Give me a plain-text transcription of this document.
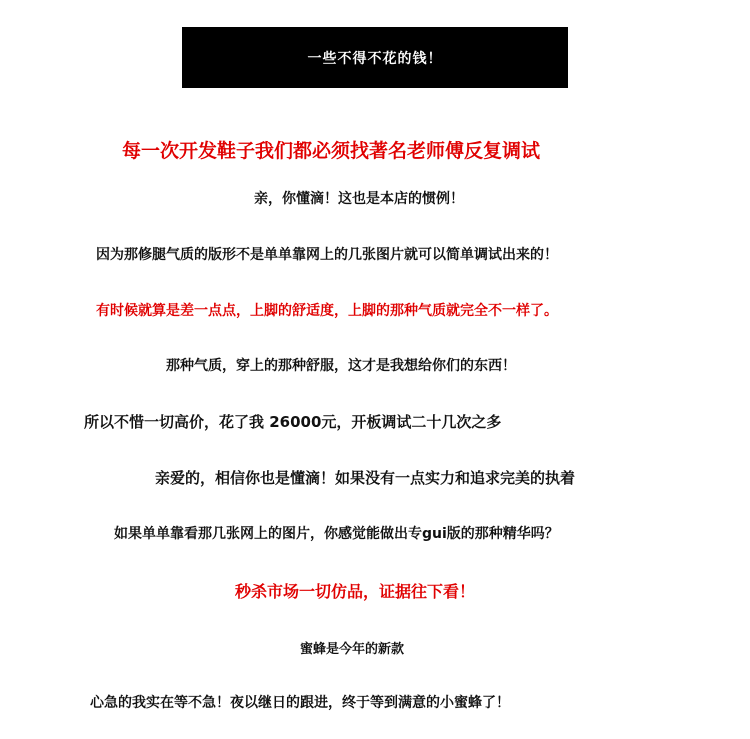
一些不得不花的钱！
每一次开发鞋子我们都必须找著名老师傅反复调试
亲，你懂滴！这也是本店的惯例！
因为那修腿气质的版形不是单单靠网上的几张图片就可以简单调试出来的！
有时候就算是差一点点，上脚的舒适度，上脚的那种气质就完全不一样了。
那种气质，穿上的那种舒服，这才是我想给你们的东西！
所以不惜一切高价，花了我 26000元，开板调试二十几次之多
亲爱的，相信你也是懂滴！如果没有一点实力和追求完美的执着
如果单单靠看那几张网上的图片，你感觉能做出专gui版的那种精华吗？
秒杀市场一切仿品，证据往下看！
蜜蜂是今年的新款
心急的我实在等不急！夜以继日的跟进，终于等到满意的小蜜蜂了！
